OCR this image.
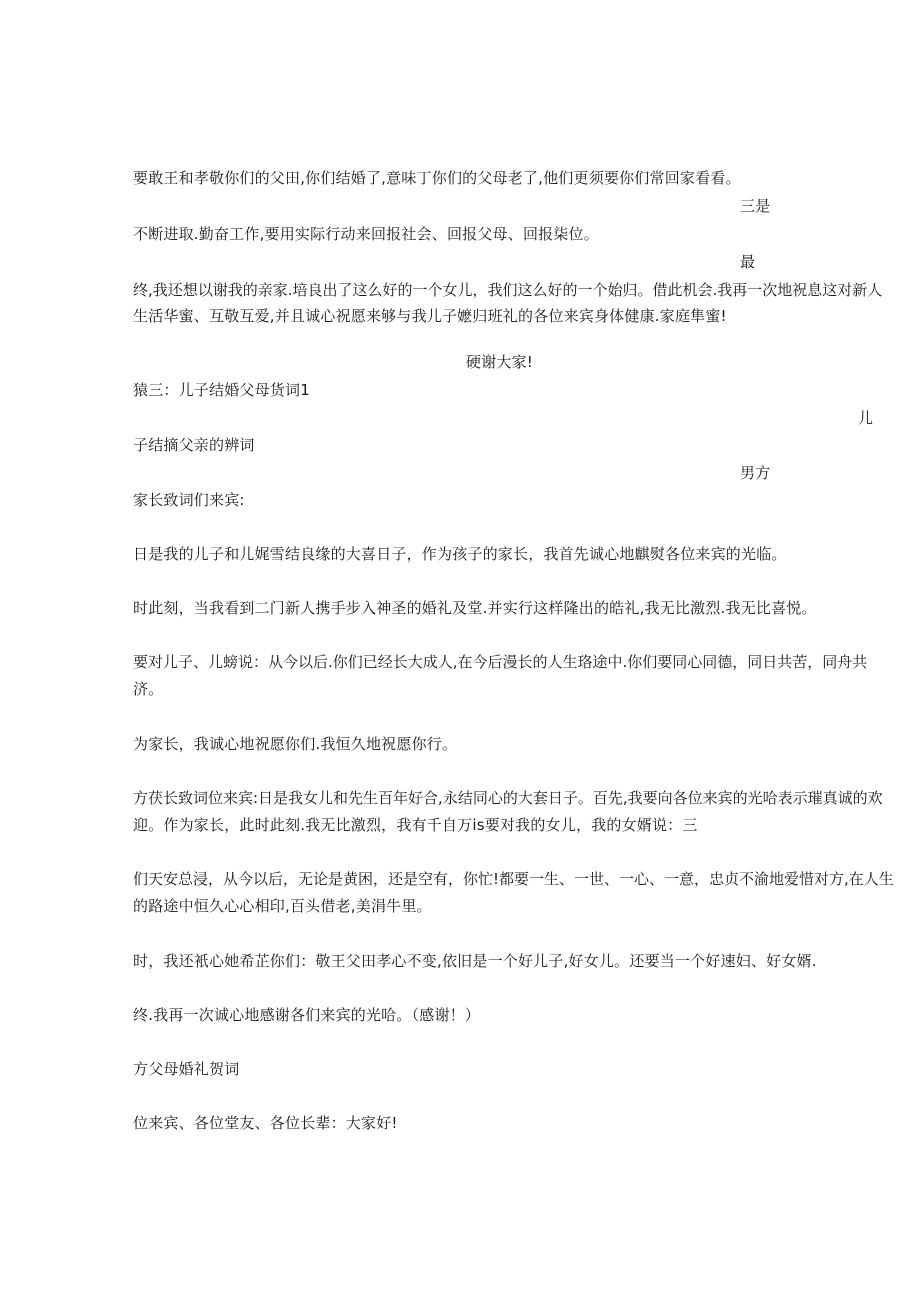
要敢王和孝敬你们的父田,你们结婚了,意味丁你们的父母老了,他们更须要你们常回家看看。

三是

不断进取.勤奋工作,要用实际行动来回报社会、回报父母、回报柒位。

最

终,我还想以谢我的亲家.培良出了这么好的一个女儿，我们这么好的一个始归。借此机会.我再一次地祝息这对新人

生活华蜜、互敬互爱,并且诚心祝愿来够与我儿子嬷归班礼的各位来宾身体健康.家庭隼蜜!

硬谢大家!

猿三：儿子结婚父母货词1

儿

子结摘父亲的辨词

男方

家长致词们来宾:

日是我的儿子和儿娓雪结良缘的大喜日子，作为孩子的家长，我首先诚心地麒熨各位来宾的光临。

时此刻，当我看到二门新人携手步入神圣的婚礼及堂.并实行这样隆出的皓礼,我无比激烈.我无比喜悦。

要对儿子、儿螃说：从今以后.你们已经长大成人,在今后漫长的人生珞途中.你们要同心同德，同日共苦，同舟共

济。

为家长，我诚心地祝愿你们.我恒久地祝愿你行。

方茯长致词位来宾:日是我女儿和先生百年好合,永结同心的大套日子。百先,我要向各位来宾的光哈表示璀真诚的欢

迎。作为家长，此时此刻.我无比激烈，我有千自万is要对我的女儿，我的女婿说：三

们天安总浸，从今以后，无论是黄困，还是空有，你忙!都要一生、一世、一心、一意，忠贞不渝地爱惜对方,在人生

的路途中恒久心心相印,百头借老,美涓牛里。

时，我还衹心她希芷你们：敬王父田孝心不变,依旧是一个好儿子,好女儿。还要当一个好速妇、好女婿.

终.我再一次诚心地感谢各们来宾的光哈。（感谢！）

方父母婚礼贺词

位来宾、各位堂友、各位长辈：大家好!
